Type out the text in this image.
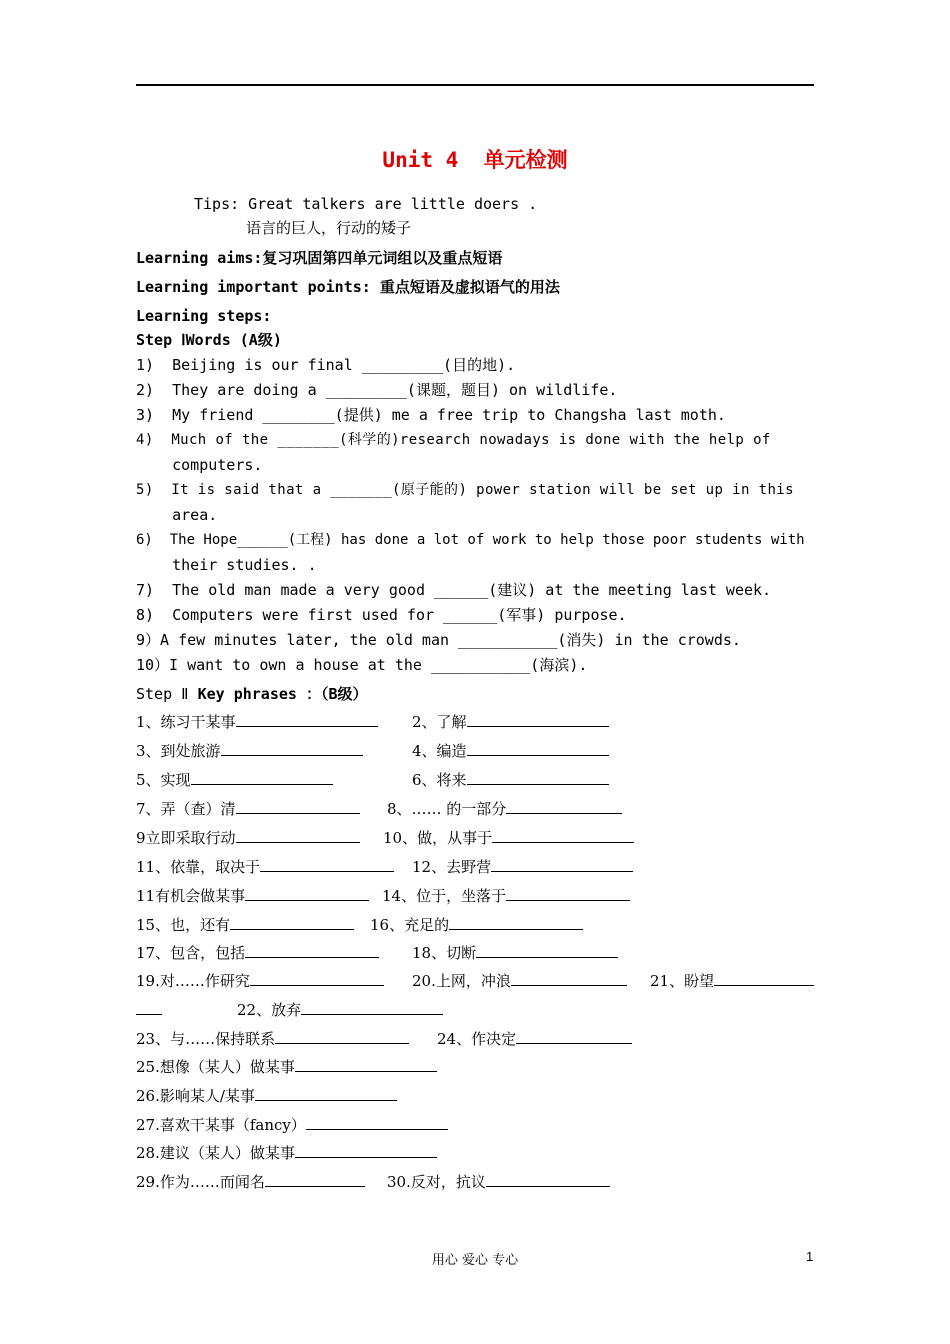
Unit 4  单元检测
Tips: Great talkers are little doers .
语言的巨人，行动的矮子
Learning aims:复习巩固第四单元词组以及重点短语
Learning important points: 重点短语及虚拟语气的用法
Learning steps:
Step ⅠWords (A级)
1)  Beijing is our final _________(目的地).
2)  They are doing a _________(课题，题目) on wildlife.
3)  My friend ________(提供) me a free trip to Changsha last moth.
4)  Much of the _______(科学的)research nowadays is done with the help of
computers.
5)  It is said that a _______(原子能的) power station will be set up in this
area.
6)  The Hope______(工程) has done a lot of work to help those poor students with
their studies. .
7)  The old man made a very good ______(建议) at the meeting last week.
8)  Computers were first used for ______(军事) purpose.
9）A few minutes later, the old man ___________(消失) in the crowds.
10）I want to own a house at the ___________(海滨).
Step Ⅱ Key phrases ：（B级）
1、练习干某事	2、了解
3、到处旅游	4、编造
5、实现	6、将来
7、弄（查）清	8、…… 的一部分
9立即采取行动	10、做，从事于
11、依靠，取决于	12、去野营
11有机会做某事	14、位于，坐落于
15、也，还有	16、充足的
17、包含，包括	18、切断
19.对……作研究	20.上网，冲浪	21、盼望
22、放弃
23、与……保持联系	24、作决定
25.想像（某人）做某事
26.影响某人/某事
27.喜欢干某事（fancy）
28.建议（某人）做某事
29.作为……而闻名	30.反对，抗议
用心 爱心 专心	1
